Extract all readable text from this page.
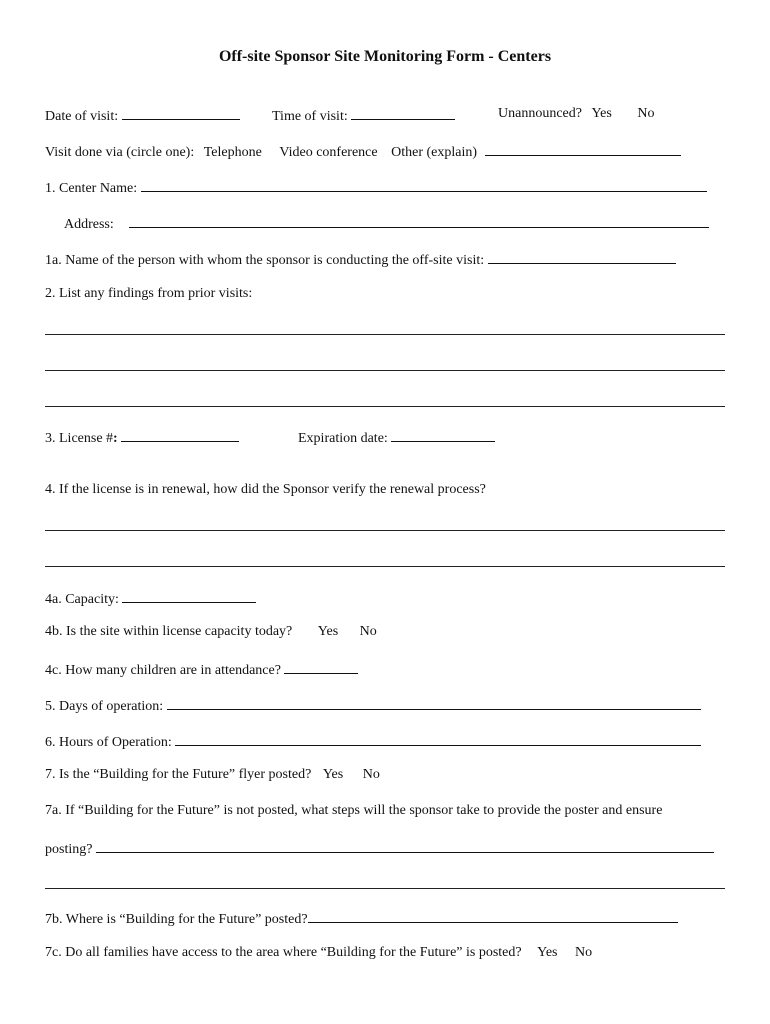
Off-site Sponsor Site Monitoring Form - Centers
Date of visit:	Time of visit:	Unannounced? Yes No
Visit done via (circle one): Telephone Video conference Other (explain)
1. Center Name:
Address:
1a. Name of the person with whom the sponsor is conducting the off-site visit:
2. List any findings from prior visits:
3. License #:	Expiration date:
4. If the license is in renewal, how did the Sponsor verify the renewal process?
4a. Capacity:
4b. Is the site within license capacity today? Yes No
4c. How many children are in attendance?
5. Days of operation:
6. Hours of Operation:
7. Is the “Building for the Future” flyer posted? Yes No
7a. If “Building for the Future” is not posted, what steps will the sponsor take to provide the poster and ensure
posting?
7b. Where is “Building for the Future” posted?
7c. Do all families have access to the area where “Building for the Future” is posted? Yes No
